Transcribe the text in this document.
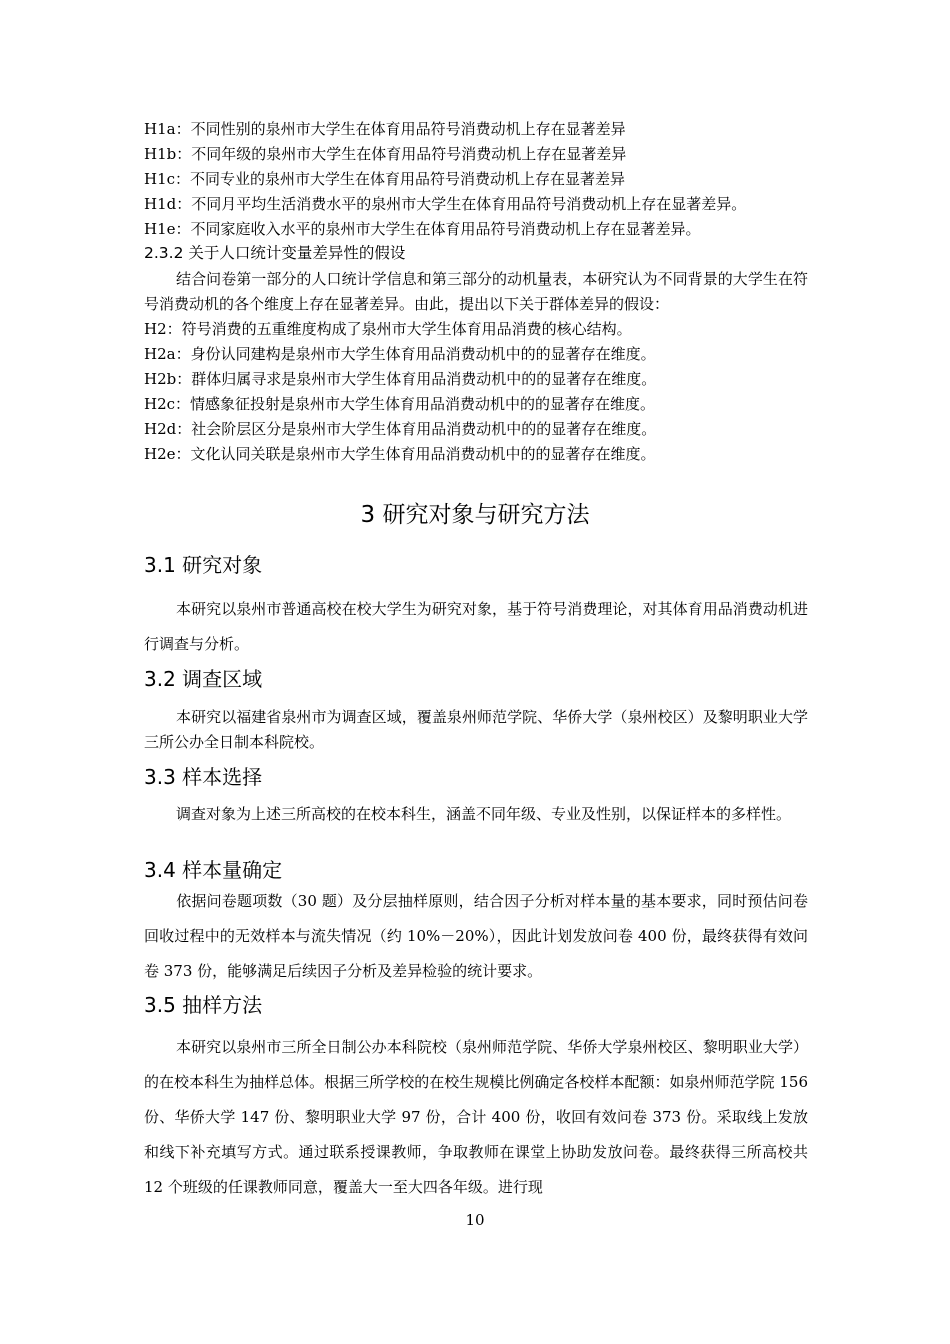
H1a：不同性别的泉州市大学生在体育用品符号消费动机上存在显著差异
H1b：不同年级的泉州市大学生在体育用品符号消费动机上存在显著差异
H1c：不同专业的泉州市大学生在体育用品符号消费动机上存在显著差异
H1d：不同月平均生活消费水平的泉州市大学生在体育用品符号消费动机上存在显著差异。
H1e：不同家庭收入水平的泉州市大学生在体育用品符号消费动机上存在显著差异。
2.3.2 关于人口统计变量差异性的假设
结合问卷第一部分的人口统计学信息和第三部分的动机量表，本研究认为不同背景的大学生在符号消费动机的各个维度上存在显著差异。由此，提出以下关于群体差异的假设：
H2：符号消费的五重维度构成了泉州市大学生体育用品消费的核心结构。
H2a：身份认同建构是泉州市大学生体育用品消费动机中的的显著存在维度。
H2b：群体归属寻求是泉州市大学生体育用品消费动机中的的显著存在维度。
H2c：情感象征投射是泉州市大学生体育用品消费动机中的的显著存在维度。
H2d：社会阶层区分是泉州市大学生体育用品消费动机中的的显著存在维度。
H2e：文化认同关联是泉州市大学生体育用品消费动机中的的显著存在维度。
3 研究对象与研究方法
3.1 研究对象
本研究以泉州市普通高校在校大学生为研究对象，基于符号消费理论，对其体育用品消费动机进行调查与分析。
3.2 调查区域
本研究以福建省泉州市为调查区域，覆盖泉州师范学院、华侨大学（泉州校区）及黎明职业大学三所公办全日制本科院校。
3.3 样本选择
调查对象为上述三所高校的在校本科生，涵盖不同年级、专业及性别，以保证样本的多样性。
3.4 样本量确定
依据问卷题项数（30 题）及分层抽样原则，结合因子分析对样本量的基本要求，同时预估问卷回收过程中的无效样本与流失情况（约 10%－20%），因此计划发放问卷 400 份，最终获得有效问卷 373 份，能够满足后续因子分析及差异检验的统计要求。
3.5 抽样方法
本研究以泉州市三所全日制公办本科院校（泉州师范学院、华侨大学泉州校区、黎明职业大学）的在校本科生为抽样总体。根据三所学校的在校生规模比例确定各校样本配额：如泉州师范学院 156 份、华侨大学 147 份、黎明职业大学 97 份，合计 400 份，收回有效问卷 373 份。采取线上发放和线下补充填写方式。通过联系授课教师，争取教师在课堂上协助发放问卷。最终获得三所高校共 12 个班级的任课教师同意，覆盖大一至大四各年级。进行现
10
